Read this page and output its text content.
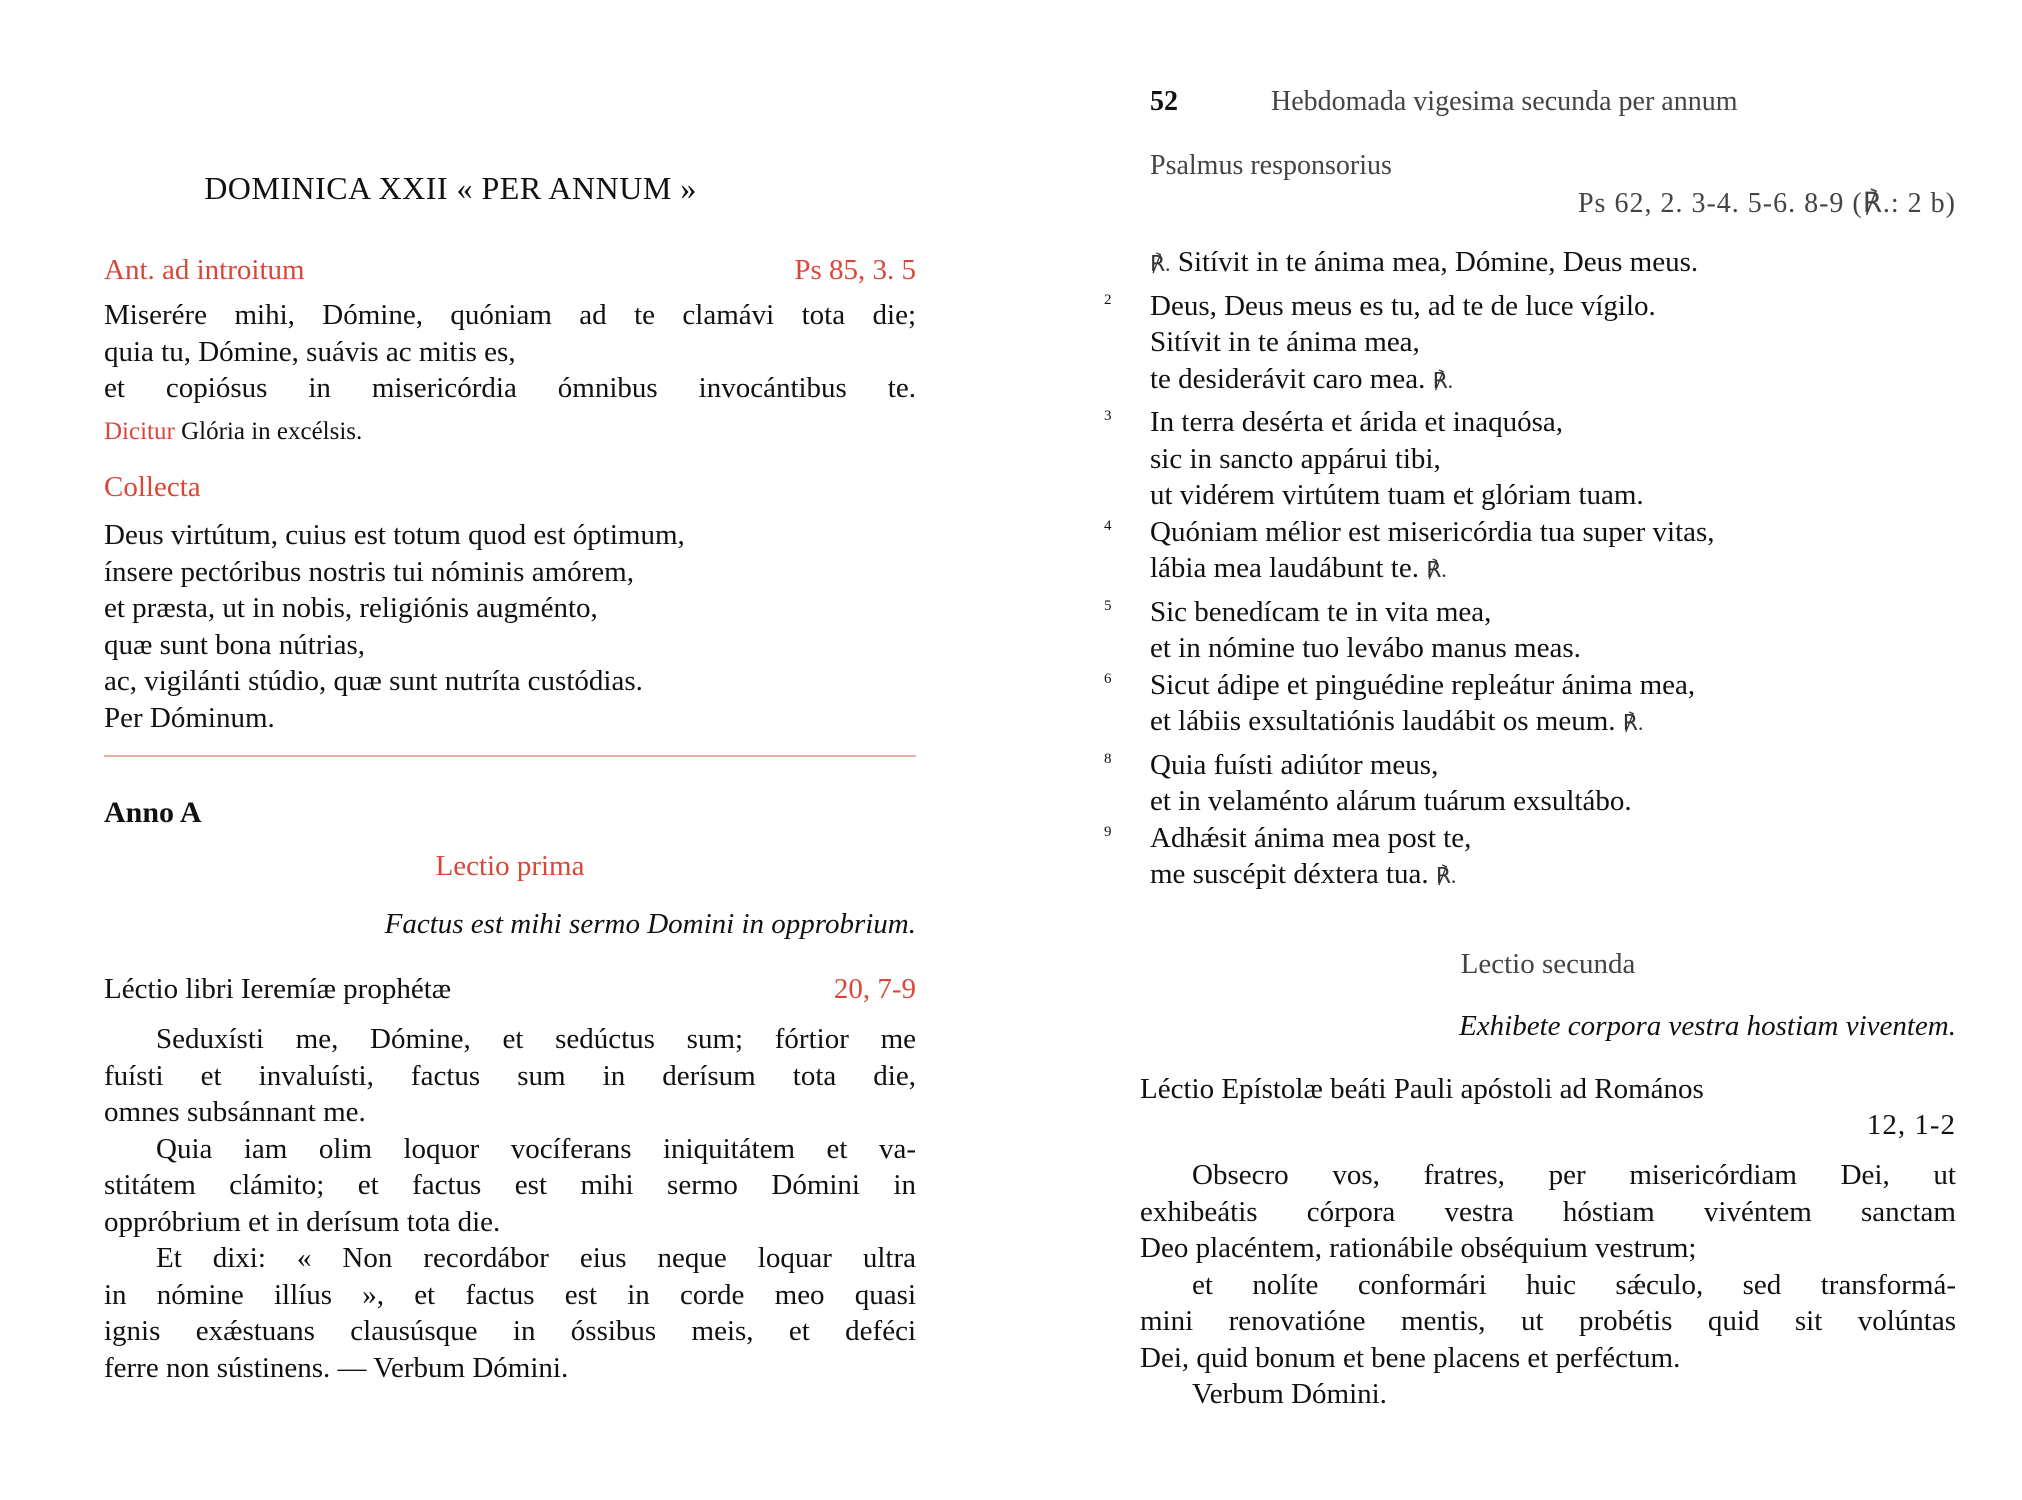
DOMINICA XXII « PER ANNUM »
Ant. ad introitum	Ps 85, 3. 5
Miserére mihi, Dómine, quóniam ad te clamávi tota die;
quia tu, Dómine, suávis ac mitis es,
et copiósus in misericórdia ómnibus invocántibus te.
Dicitur Glória in excélsis.
Collecta
Deus virtútum, cuius est totum quod est óptimum,
ínsere pectóribus nostris tui nóminis amórem,
et præsta, ut in nobis, religiónis augménto,
quæ sunt bona nútrias,
ac, vigilánti stúdio, quæ sunt nutríta custódias.
Per Dóminum.
Anno A
Lectio prima
Factus est mihi sermo Domini in opprobrium.
Léctio libri Ieremíæ prophétæ	20, 7-9
Seduxísti me, Dómine, et sedúctus sum; fórtior me
fuísti et invaluísti, factus sum in derísum tota die,
omnes subsánnant me.
Quia iam olim loquor vocíferans iniquitátem et va-
stitátem clámito; et factus est mihi sermo Dómini in
oppróbrium et in derísum tota die.
Et dixi: « Non recordábor eius neque loquar ultra
in nómine illíus », et factus est in corde meo quasi
ignis exǽstuans clausúsque in óssibus meis, et deféci
ferre non sústinens. — Verbum Dómini.
52	Hebdomada vigesima secunda per annum
Psalmus responsorius
Ps 62, 2. 3-4. 5-6. 8-9 (℟.: 2 b)
℟. Sitívit in te ánima mea, Dómine, Deus meus.
2 Deus, Deus meus es tu, ad te de luce vígilo.
Sitívit in te ánima mea,
te desiderávit caro mea. ℟.
3 In terra desérta et árida et inaquósa,
sic in sancto appárui tibi,
ut vidérem virtútem tuam et glóriam tuam.
4 Quóniam mélior est misericórdia tua super vitas,
lábia mea laudábunt te. ℟.
5 Sic benedícam te in vita mea,
et in nómine tuo levábo manus meas.
6 Sicut ádipe et pinguédine repleátur ánima mea,
et lábiis exsultatiónis laudábit os meum. ℟.
8 Quia fuísti adiútor meus,
et in velaménto alárum tuárum exsultábo.
9 Adhǽsit ánima mea post te,
me suscépit déxtera tua. ℟.
Lectio secunda
Exhibete corpora vestra hostiam viventem.
Léctio Epístolæ beáti Pauli apóstoli ad Romános
12, 1-2
Obsecro vos, fratres, per misericórdiam Dei, ut
exhibeátis córpora vestra hóstiam vivéntem sanctam
Deo placéntem, rationábile obséquium vestrum;
et nolíte conformári huic sǽculo, sed transformá-
mini renovatióne mentis, ut probétis quid sit volúntas
Dei, quid bonum et bene placens et perféctum.
Verbum Dómini.
